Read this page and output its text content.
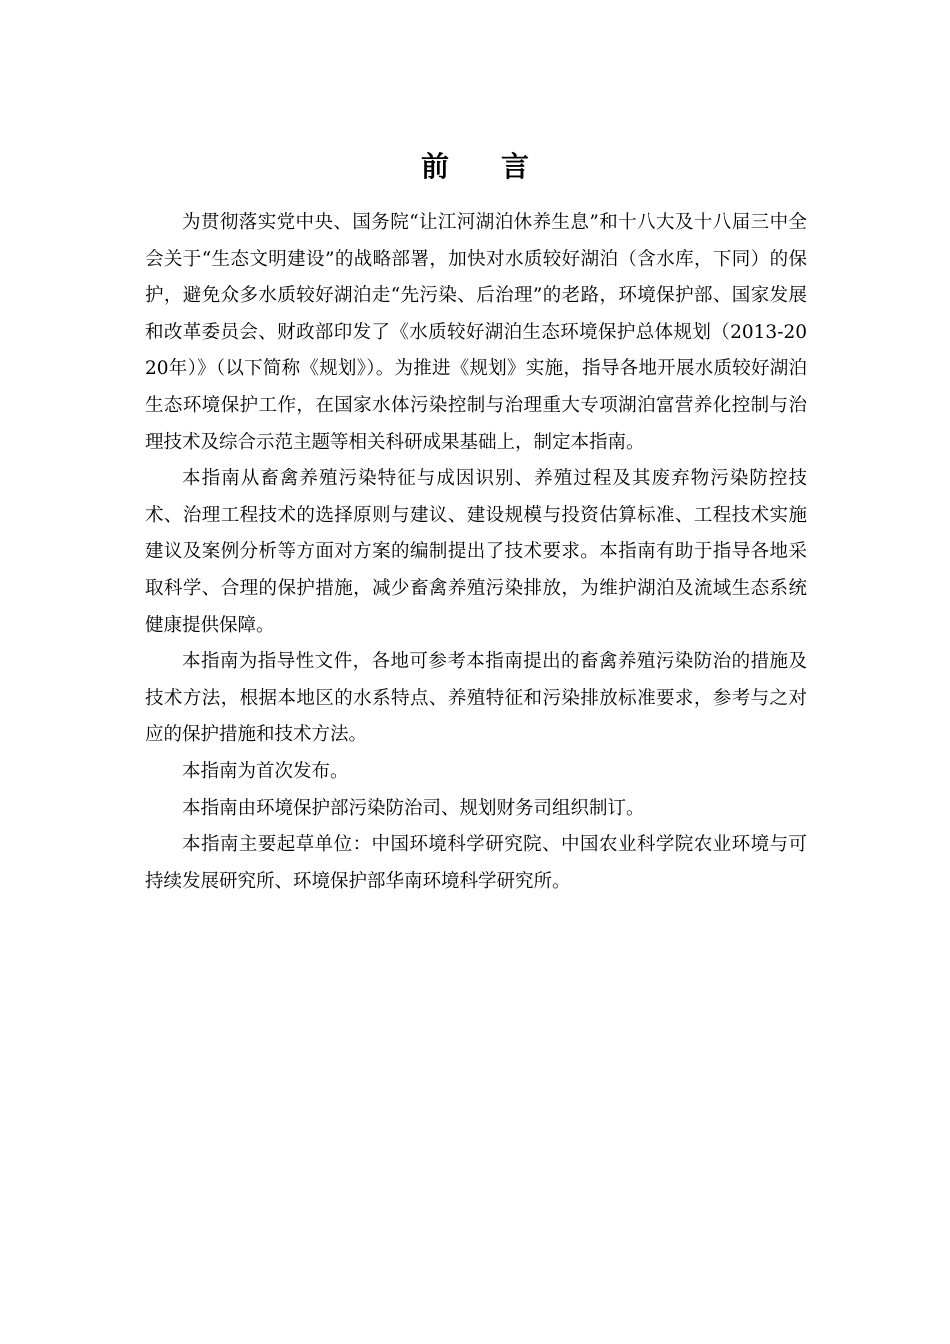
前言

为贯彻落实党中央、国务院“让江河湖泊休养生息”和十八大及十八届三中全会关于“生态文明建设”的战略部署，加快对水质较好湖泊（含水库，下同）的保护，避免众多水质较好湖泊走“先污染、后治理”的老路，环境保护部、国家发展和改革委员会、财政部印发了《水质较好湖泊生态环境保护总体规划（2013-2020年）》（以下简称《规划》）。为推进《规划》实施，指导各地开展水质较好湖泊生态环境保护工作，在国家水体污染控制与治理重大专项湖泊富营养化控制与治理技术及综合示范主题等相关科研成果基础上，制定本指南。

本指南从畜禽养殖污染特征与成因识别、养殖过程及其废弃物污染防控技术、治理工程技术的选择原则与建议、建设规模与投资估算标准、工程技术实施建议及案例分析等方面对方案的编制提出了技术要求。本指南有助于指导各地采取科学、合理的保护措施，减少畜禽养殖污染排放，为维护湖泊及流域生态系统健康提供保障。

本指南为指导性文件，各地可参考本指南提出的畜禽养殖污染防治的措施及技术方法，根据本地区的水系特点、养殖特征和污染排放标准要求，参考与之对应的保护措施和技术方法。

本指南为首次发布。

本指南由环境保护部污染防治司、规划财务司组织制订。

本指南主要起草单位：中国环境科学研究院、中国农业科学院农业环境与可持续发展研究所、环境保护部华南环境科学研究所。
